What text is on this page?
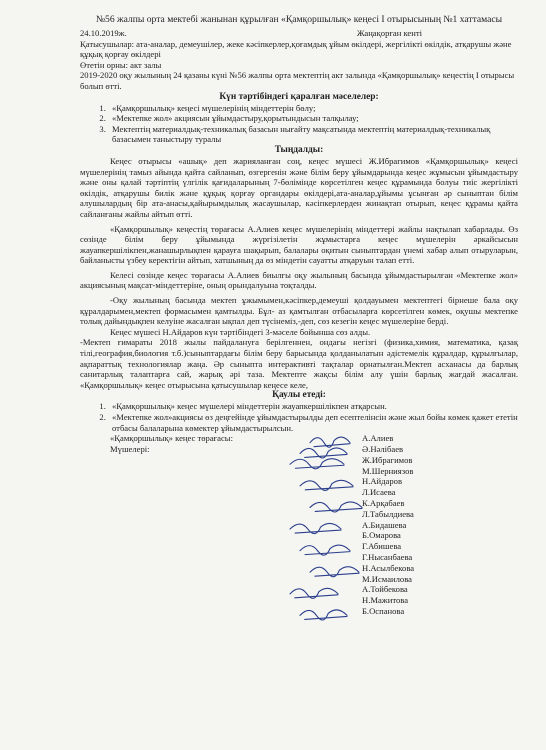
№56 жалпы орта мектебі жанынан құрылған «Қамқоршылық» кеңесі І отырысының №1 хаттамасы

24.10.2019ж.	Жаңақорған кенті

Қатысушылар: ата-аналар, демеушілер, жеке кәсіпкерлер,қоғамдық ұйым өкілдері, жергілікті өкілдік, атқарушы және құқық қорғау өкілдері

Өтетін орны: акт залы

2019-2020 оқу жылының 24 қазаны күні №56 жалпы орта мектептің акт залында «Қамқоршылық» кеңестің І отырысы болып өтті.

Күн тәртібіндегі қаралған мәселелер:

1. «Қамқоршылық» кеңесі мүшелерінің міндеттерін бөлу;
2. «Мектепке жол» акциясын ұйымдастыру,қорытындысын талқылау;
3. Мектептің материалдық-техникалық базасын нығайту мақсатында мектептің материалдық-техникалық базасымен таныстыру туралы

Тыңдалды:

Кеңес отырысы «ашық» деп жарияланған соң, кеңес мүшесі Ж.Ибрагимов «Қамқоршылық» кеңесі мүшелерінің тамыз айында қайта сайланып, өзгергенін және білім беру ұйымдарында кеңес жұмысын ұйымдастыру және оны қалай тәртіптің үлгілік қағидаларының 7-бөлімінде көрсетілген кеңес құрамында болуы тиіс жергілікті өкілдік, атқарушы билік және құқық қорғау органдары өкілдері,ата-аналар,ұйымы ұсынған әр сыныптан білім алушылардың бір ата-анасы,қайырымдылық жасаушылар, кәсіпкерлерден жинақтап отырып, кеңес құрамы қайта сайланғаны жайлы айтып өтті.

«Қамқоршылық» кеңестің төрағасы А.Алиев кеңес мүшелерінің міндеттері жайлы нақтылап хабарлады. Өз сөзінде білім беру ұйымында жүргізілетін жұмыстарға кеңес мүшелерін әркайсысын жауапкершілікпен,жанашырлықпен қарауға шақырып, балалары оқитын сыныптардан үнемі хабар алып отыруларын, байланысты үзбеу керектігін айтып, хатшының да өз міндетін сауатты атқаруын талап етті.

Келесі сөзінде кеңес төрағасы А.Алиев биылғы оқу жылының басында ұйымдастырылған «Мектепке жол» акциясының мақсат-міндеттеріне, оның орындалуына тоқталды.

-Оқу жылының басында мектеп ұжымымен,кәсіпкер,демеуші қолдауымен мектептегі бірнеше бала оқу құралдарымен,мектеп формасымен қамтылды. Бұл- аз қамтылған отбасыларға көрсетілген көмек, оқушы мектепке толық дайындықпен келуіне жасалған ықпал деп түсінеміз,-деп, сөз кезегін кеңес мүшелеріне берді.

Кеңес мүшесі Н.Айдаров күн тәртібіндегі 3-мәселе бойынша сөз алды.

-Мектеп ғимараты 2018 жылы пайдалануға берілгеннен, ондағы негізгі (физика,химия, математика, қазақ тілі,география,биология т.б.)сыныптардағы білім беру барысында қолданылатын әдістемелік құралдар, құрылғылар, ақпараттық технологиялар жаңа. Әр сыныпта интерактивті тақталар орнатылған.Мектеп асханасы да барлық санитарлық талаптарға сай, жарық әрі таза. Мектепте жақсы білім алу үшін барлық жағдай жасалған. «Қамқоршылық» кеңес отырысына қатысушылар кеңесе келе,

Қаулы етеді:

1. «Қамқоршылық» кеңес мүшелері міндеттерін жауапкершілікпен атқарсын.
2. «Мектепке жол»акциясы өз деңгейінде ұйымдастырылды деп есептелінсін және жыл бойы көмек қажет ететін отбасы балаларына көмектер ұйымдастырылсын.

«Қамқоршылық» кеңес төрағасы:

Мүшелері:

А.Алиев
Ә.Нәлібаев
Ж.Ибрагимов
М.Шерниязов
Н.Айдаров
Л.Исаева
К.Арқабаев
Л.Табылдиева
А.Бидашева
Б.Омарова
Г.Абишева
Г.Нысанбаева
Н.Асылбекова
М.Исмаилова
А.Тойбекова
Н.Мажитова
Б.Оспанова
